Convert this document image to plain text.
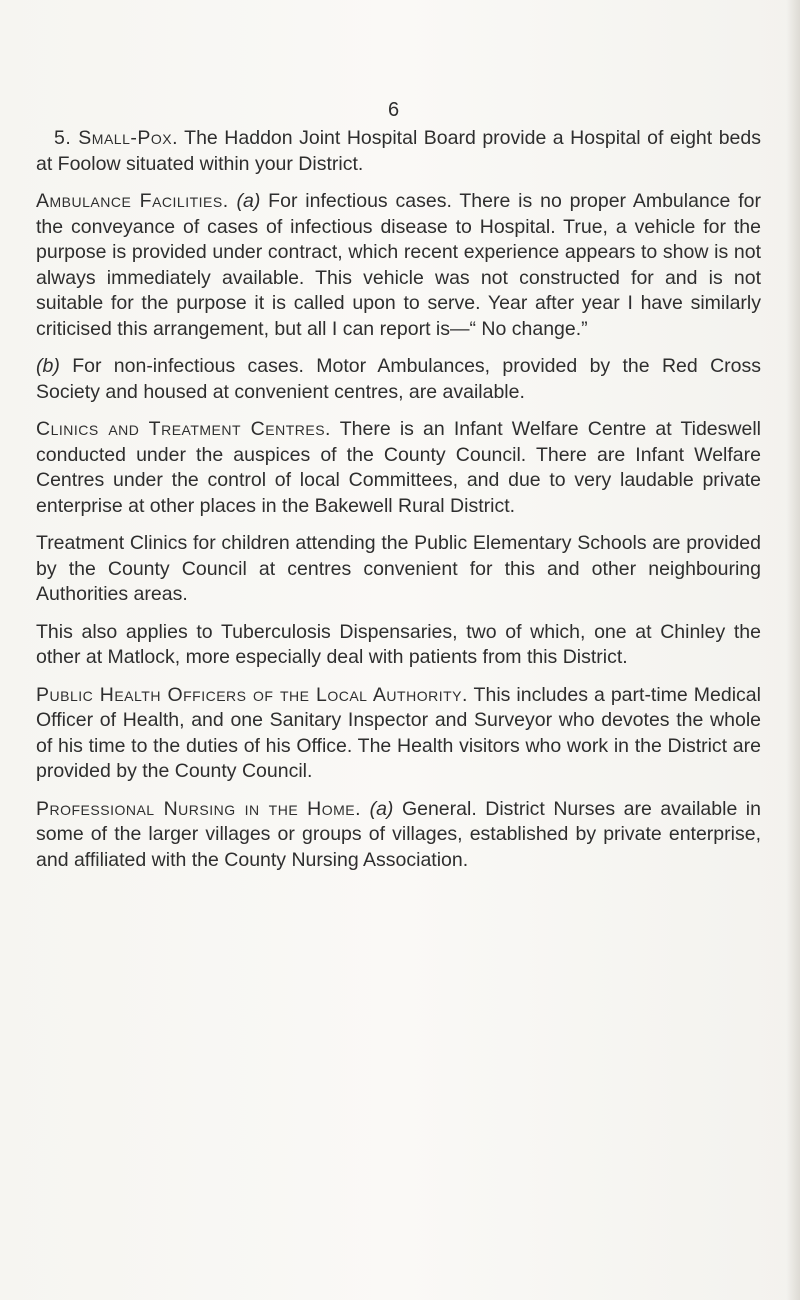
6

5. Small-Pox. The Haddon Joint Hospital Board provide a Hospital of eight beds at Foolow situated within your District.

Ambulance Facilities. (a) For infectious cases. There is no proper Ambulance for the conveyance of cases of infectious disease to Hospital. True, a vehicle for the purpose is provided under contract, which recent experience appears to show is not always immediately available. This vehicle was not constructed for and is not suitable for the purpose it is called upon to serve. Year after year I have similarly criticised this arrangement, but all I can report is—“ No change.”

(b) For non-infectious cases. Motor Ambulances, provided by the Red Cross Society and housed at convenient centres, are available.

Clinics and Treatment Centres. There is an Infant Welfare Centre at Tideswell conducted under the auspices of the County Council. There are Infant Welfare Centres under the control of local Committees, and due to very laudable private enterprise at other places in the Bakewell Rural District.

Treatment Clinics for children attending the Public Elementary Schools are provided by the County Council at centres convenient for this and other neighbouring Authorities areas.

This also applies to Tuberculosis Dispensaries, two of which, one at Chinley the other at Matlock, more especially deal with patients from this District.

Public Health Officers of the Local Authority. This includes a part-time Medical Officer of Health, and one Sanitary Inspector and Surveyor who devotes the whole of his time to the duties of his Office. The Health visitors who work in the District are provided by the County Council.

Professional Nursing in the Home. (a) General. District Nurses are available in some of the larger villages or groups of villages, established by private enterprise, and affiliated with the County Nursing Association.
